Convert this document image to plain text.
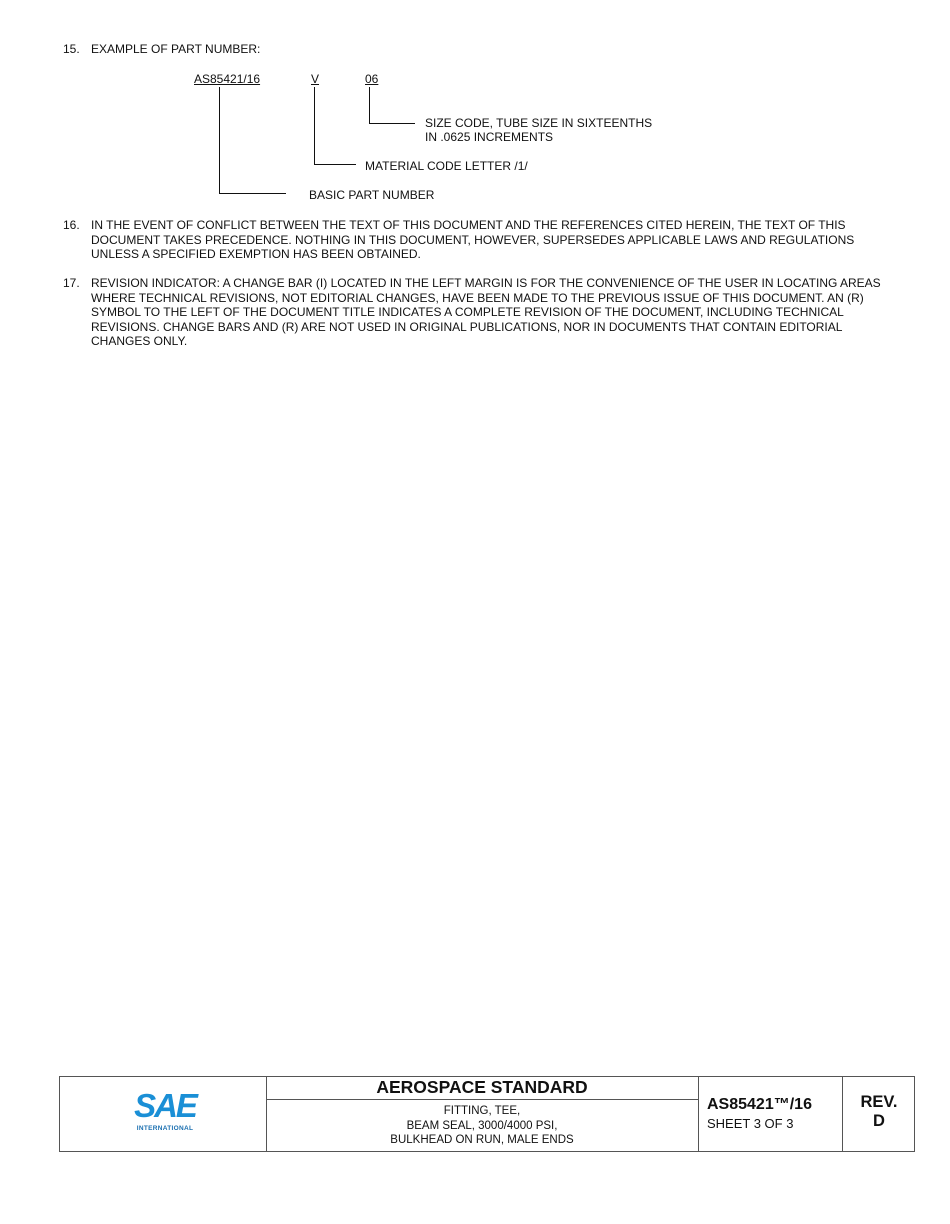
15. EXAMPLE OF PART NUMBER:
AS85421/16	V	06
SIZE CODE, TUBE SIZE IN SIXTEENTHS
IN .0625 INCREMENTS
MATERIAL CODE LETTER /1/
BASIC PART NUMBER
16. IN THE EVENT OF CONFLICT BETWEEN THE TEXT OF THIS DOCUMENT AND THE REFERENCES CITED HEREIN, THE TEXT OF THIS DOCUMENT TAKES PRECEDENCE. NOTHING IN THIS DOCUMENT, HOWEVER, SUPERSEDES APPLICABLE LAWS AND REGULATIONS UNLESS A SPECIFIED EXEMPTION HAS BEEN OBTAINED.
17. REVISION INDICATOR: A CHANGE BAR (I) LOCATED IN THE LEFT MARGIN IS FOR THE CONVENIENCE OF THE USER IN LOCATING AREAS WHERE TECHNICAL REVISIONS, NOT EDITORIAL CHANGES, HAVE BEEN MADE TO THE PREVIOUS ISSUE OF THIS DOCUMENT. AN (R) SYMBOL TO THE LEFT OF THE DOCUMENT TITLE INDICATES A COMPLETE REVISION OF THE DOCUMENT, INCLUDING TECHNICAL REVISIONS. CHANGE BARS AND (R) ARE NOT USED IN ORIGINAL PUBLICATIONS, NOR IN DOCUMENTS THAT CONTAIN EDITORIAL CHANGES ONLY.
SAE
INTERNATIONAL
AEROSPACE STANDARD
FITTING, TEE,
BEAM SEAL, 3000/4000 PSI,
BULKHEAD ON RUN, MALE ENDS
AS85421™/16
SHEET 3 OF 3
REV.
D
